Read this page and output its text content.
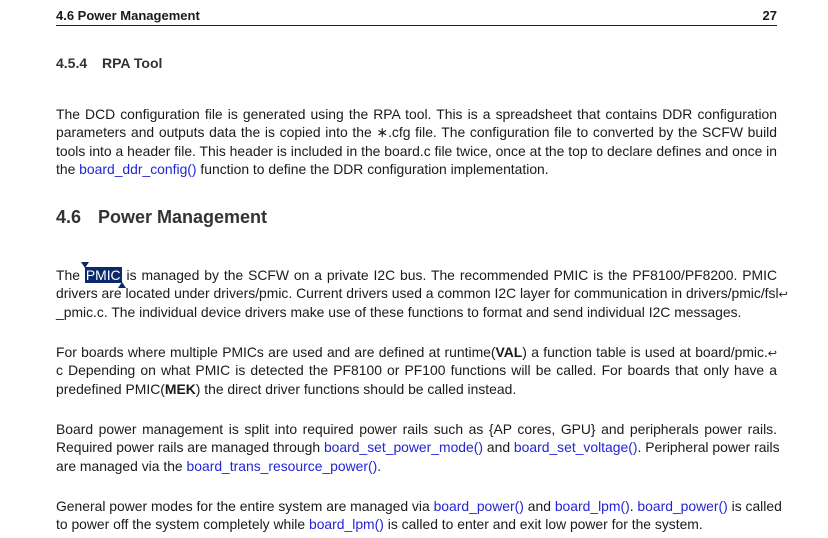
4.6 Power Management	27
4.5.4 RPA Tool
The DCD configuration file is generated using the RPA tool. This is a spreadsheet that contains DDR configuration
parameters and outputs data the is copied into the ∗.cfg file. The configuration file to converted by the SCFW build
tools into a header file. This header is included in the board.c file twice, once at the top to declare defines and once in
the board_ddr_config() function to define the DDR configuration implementation.
4.6 Power Management
The PMIC is managed by the SCFW on a private I2C bus. The recommended PMIC is the PF8100/PF8200. PMIC
drivers are located under drivers/pmic. Current drivers used a common I2C layer for communication in drivers/pmic/fsl↩
_pmic.c. The individual device drivers make use of these functions to format and send individual I2C messages.
For boards where multiple PMICs are used and are defined at runtime(VAL) a function table is used at board/pmic.↩
c Depending on what PMIC is detected the PF8100 or PF100 functions will be called. For boards that only have a
predefined PMIC(MEK) the direct driver functions should be called instead.
Board power management is split into required power rails such as {AP cores, GPU} and peripherals power rails.
Required power rails are managed through board_set_power_mode() and board_set_voltage(). Peripheral power rails
are managed via the board_trans_resource_power().
General power modes for the entire system are managed via board_power() and board_lpm(). board_power() is called
to power off the system completely while board_lpm() is called to enter and exit low power for the system.
